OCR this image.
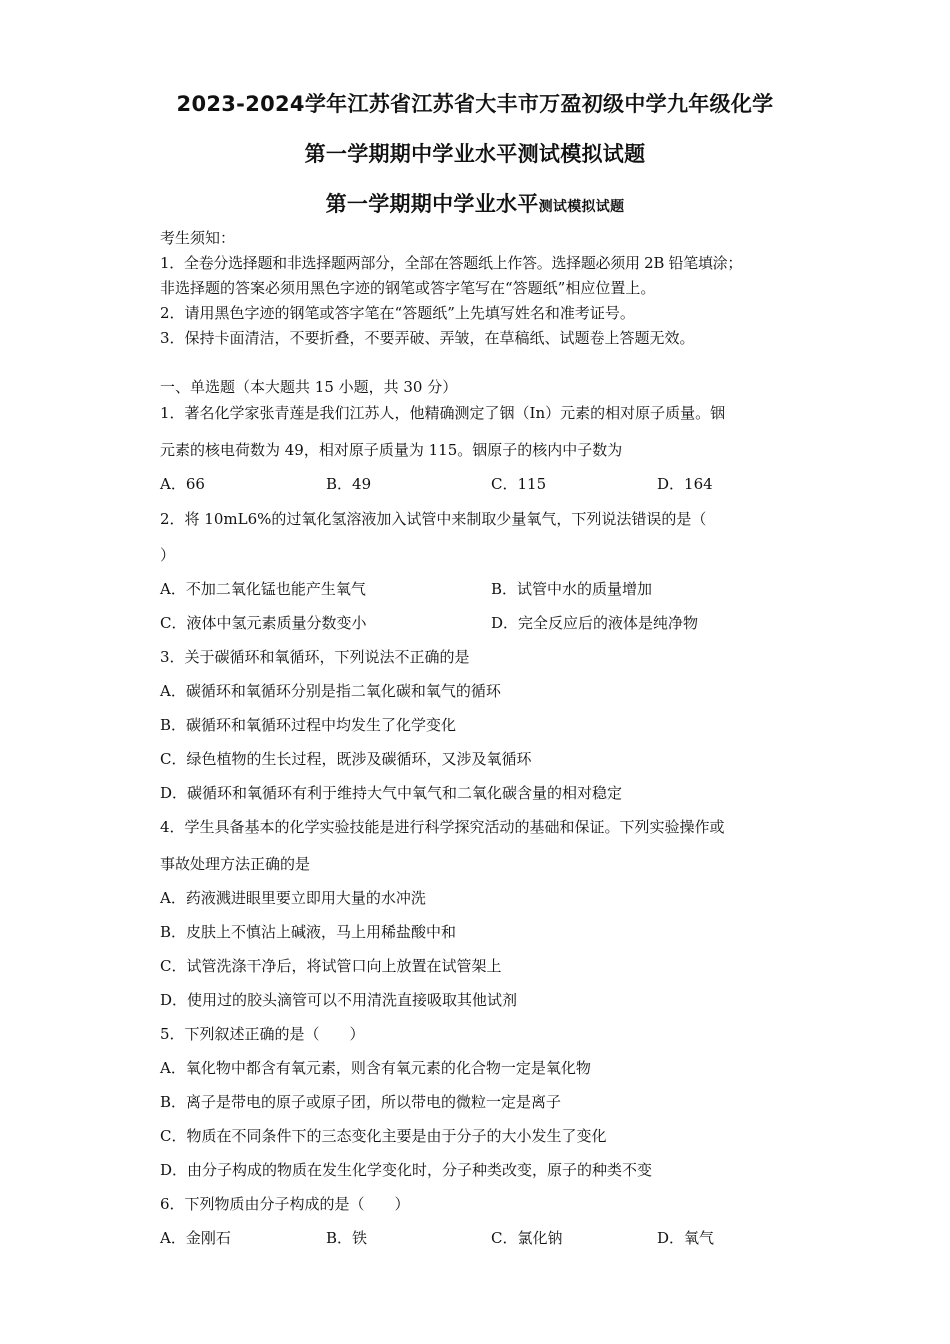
2023-2024学年江苏省江苏省大丰市万盈初级中学九年级化学
第一学期期中学业水平测试模拟试题
第一学期期中学业水平测试模拟试题
考生须知：
1．全卷分选择题和非选择题两部分，全部在答题纸上作答。选择题必须用 2B 铅笔填涂；
非选择题的答案必须用黑色字迹的钢笔或答字笔写在“答题纸”相应位置上。
2．请用黑色字迹的钢笔或答字笔在“答题纸”上先填写姓名和准考证号。
3．保持卡面清洁，不要折叠，不要弄破、弄皱，在草稿纸、试题卷上答题无效。
一、单选题（本大题共 15 小题，共 30 分）
1．著名化学家张青莲是我们江苏人，他精确测定了铟（In）元素的相对原子质量。铟
元素的核电荷数为 49，相对原子质量为 115。铟原子的核内中子数为
A．66	B．49	C．115	D．164
2．将 10mL6%的过氧化氢溶液加入试管中来制取少量氧气，下列说法错误的是（
）
A．不加二氧化锰也能产生氧气	B．试管中水的质量增加
C．液体中氢元素质量分数变小	D．完全反应后的液体是纯净物
3．关于碳循环和氧循环，下列说法不正确的是
A．碳循环和氧循环分别是指二氧化碳和氧气的循环
B．碳循环和氧循环过程中均发生了化学变化
C．绿色植物的生长过程，既涉及碳循环，又涉及氧循环
D．碳循环和氧循环有利于维持大气中氧气和二氧化碳含量的相对稳定
4．学生具备基本的化学实验技能是进行科学探究活动的基础和保证。下列实验操作或
事故处理方法正确的是
A．药液溅进眼里要立即用大量的水冲洗
B．皮肤上不慎沾上碱液，马上用稀盐酸中和
C．试管洗涤干净后，将试管口向上放置在试管架上
D．使用过的胶头滴管可以不用清洗直接吸取其他试剂
5．下列叙述正确的是（　　）
A．氧化物中都含有氧元素，则含有氧元素的化合物一定是氧化物
B．离子是带电的原子或原子团，所以带电的微粒一定是离子
C．物质在不同条件下的三态变化主要是由于分子的大小发生了变化
D．由分子构成的物质在发生化学变化时，分子种类改变，原子的种类不变
6．下列物质由分子构成的是（　　）
A．金刚石	B．铁	C．氯化钠	D．氧气
